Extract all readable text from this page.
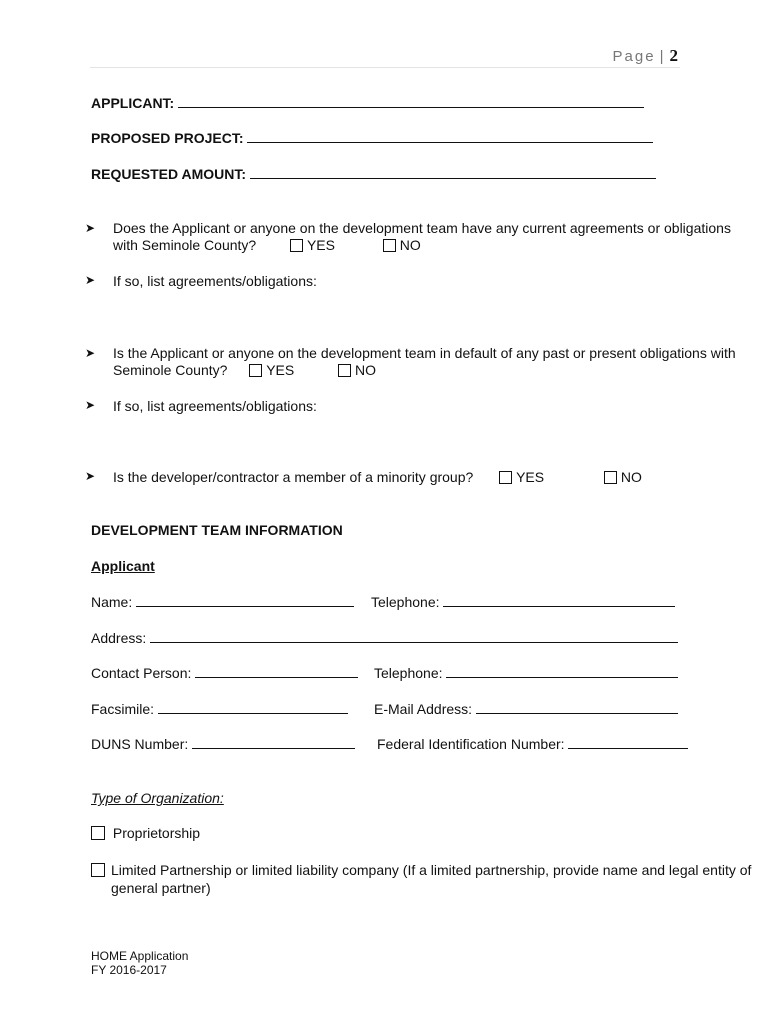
Page | 2
APPLICANT:
PROPOSED PROJECT:
REQUESTED AMOUNT:
➤ Does the Applicant or anyone on the development team have any current agreements or obligations
with Seminole County?	YES	NO
➤ If so, list agreements/obligations:
➤ Is the Applicant or anyone on the development team in default of any past or present obligations with
Seminole County?	YES	NO
➤ If so, list agreements/obligations:
➤ Is the developer/contractor a member of a minority group?	YES	NO
DEVELOPMENT TEAM INFORMATION
Applicant
Name:	Telephone:
Address:
Contact Person:	Telephone:
Facsimile:	E-Mail Address:
DUNS Number:	Federal Identification Number:
Type of Organization:
Proprietorship
Limited Partnership or limited liability company (If a limited partnership, provide name and legal entity of
general partner)
HOME Application
FY 2016-2017
